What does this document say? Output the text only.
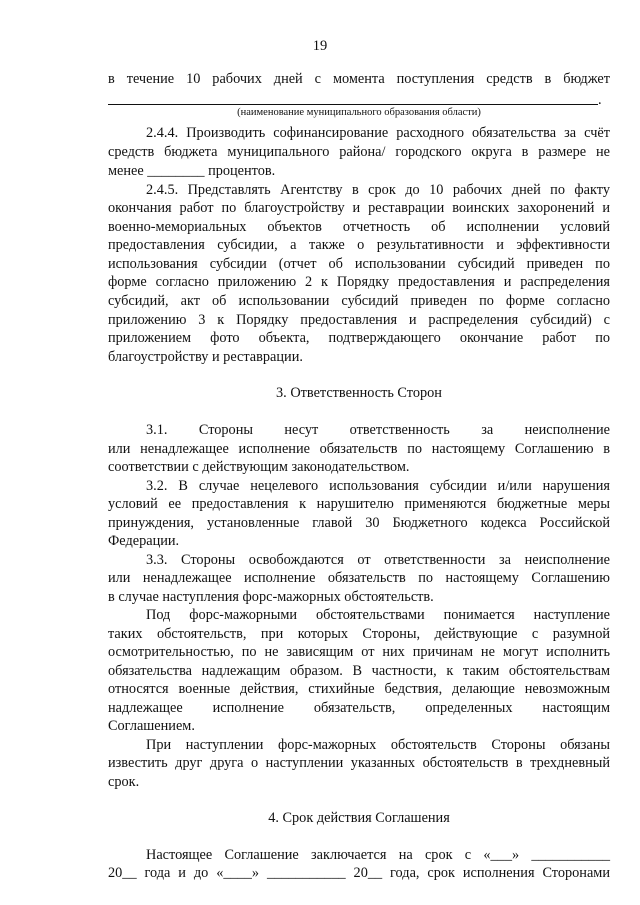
19
в течение 10 рабочих дней с момента поступления средств в бюджет
.
(наименование муниципального образования области)
2.4.4. Производить софинансирование расходного обязательства за счёт
средств бюджета муниципального района/ городского округа в размере не
менее ________ процентов.
2.4.5. Представлять Агентству в срок до 10 рабочих дней по факту
окончания работ по благоустройству и реставрации воинских захоронений и
военно-мемориальных объектов отчетность об исполнении условий
предоставления субсидии, а также о результативности и эффективности
использования субсидии (отчет об использовании субсидий приведен по
форме согласно приложению 2 к Порядку предоставления и распределения
субсидий, акт об использовании субсидий приведен по форме согласно
приложению 3 к Порядку предоставления и распределения субсидий) с
приложением фото объекта, подтверждающего окончание работ по
благоустройству и реставрации.
3. Ответственность Сторон
3.1. Стороны несут ответственность за неисполнение
или ненадлежащее исполнение обязательств по настоящему Соглашению в
соответствии с действующим законодательством.
3.2. В случае нецелевого использования субсидии и/или нарушения
условий ее предоставления к нарушителю применяются бюджетные меры
принуждения, установленные главой 30 Бюджетного кодекса Российской
Федерации.
3.3. Стороны освобождаются от ответственности за неисполнение
или ненадлежащее исполнение обязательств по настоящему Соглашению
в случае наступления форс-мажорных обстоятельств.
Под форс-мажорными обстоятельствами понимается наступление
таких обстоятельств, при которых Стороны, действующие с разумной
осмотрительностью, по не зависящим от них причинам не могут исполнить
обязательства надлежащим образом. В частности, к таким обстоятельствам
относятся военные действия, стихийные бедствия, делающие невозможным
надлежащее исполнение обязательств, определенных настоящим
Соглашением.
При наступлении форс-мажорных обстоятельств Стороны обязаны
известить друг друга о наступлении указанных обстоятельств в трехдневный
срок.
4. Срок действия Соглашения
Настоящее Соглашение заключается на срок с «___» ___________
20__ года и до «____» ___________ 20__ года, срок исполнения Сторонами
